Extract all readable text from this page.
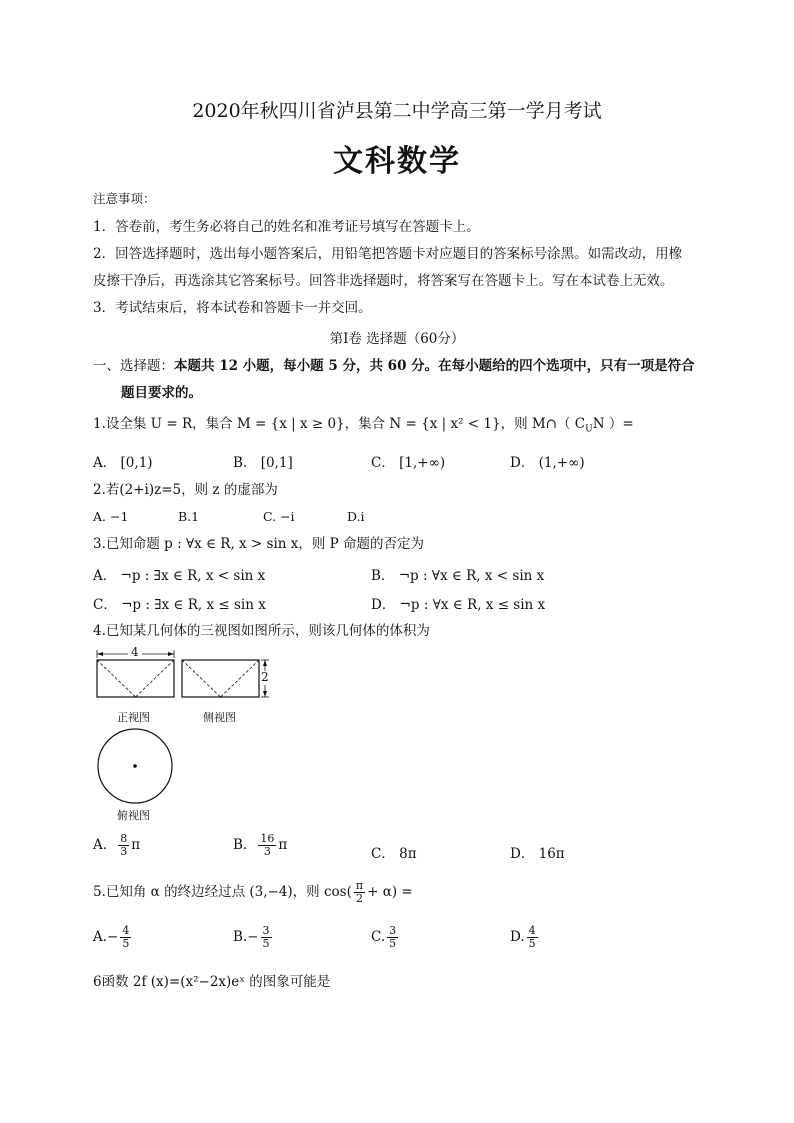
2020年秋四川省泸县第二中学高三第一学月考试
文科数学
注意事项：
1．答卷前，考生务必将自己的姓名和准考证号填写在答题卡上。
2．回答选择题时，选出每小题答案后，用铅笔把答题卡对应题目的答案标号涂黑。如需改动，用橡
皮擦干净后，再选涂其它答案标号。回答非选择题时，将答案写在答题卡上。写在本试卷上无效。
3．考试结束后，将本试卷和答题卡一并交回。
第Ⅰ卷 选择题（60分）
一、选择题：本题共 12 小题，每小题 5 分，共 60 分。在每小题给的四个选项中，只有一项是符合
题目要求的。
1.设全集 U = R，集合 M = {x | x ≥ 0}，集合 N = {x | x² < 1}，则 M∩（ $C_UN$ ）=
A． [0,1)	B． [0,1]	C． [1,+∞)	D． (1,+∞)
2.若(2+i)z=5，则 z 的虚部为
A. −1	B.1	C. −i	D.i
3.已知命题 p : ∀x ∈ R, x > sin x，则 P 命题的否定为
A． ¬p : ∃x ∈ R, x < sin x	B． ¬p : ∀x ∈ R, x < sin x
C． ¬p : ∃x ∈ R, x ≤ sin x	D． ¬p : ∀x ∈ R, x ≤ sin x
4.已知某几何体的三视图如图所示，则该几何体的体积为
4
2
正视图	侧视图
俯视图
A． $\frac{8}{3}$ π	B． $\frac{16}{3}$ π
C． 8π	D． 16π
5.已知角 α 的终边经过点 (3,−4)，则 $\cos( \frac{\pi}{2} + \alpha)$ =
$A.- \frac{4}{5}$	$B.- \frac{3}{5}$	C. $\frac{3}{5}$	D. $\frac{4}{5}$
6函数 2f (x)=(x²−2x)eˣ 的图象可能是
